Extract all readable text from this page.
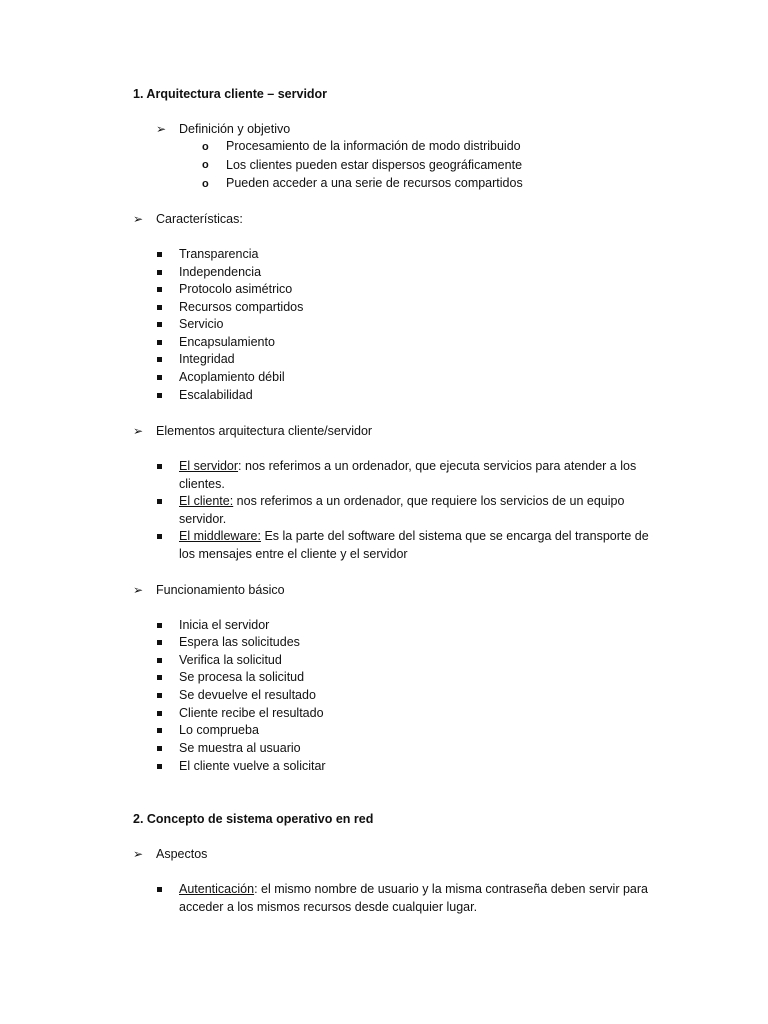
1. Arquitectura cliente – servidor
➢ Definición y objetivo
o Procesamiento de la información de modo distribuido
o Los clientes pueden estar dispersos geográficamente
o Pueden acceder a una serie de recursos compartidos
➢ Características:
Transparencia
Independencia
Protocolo asimétrico
Recursos compartidos
Servicio
Encapsulamiento
Integridad
Acoplamiento débil
Escalabilidad
➢ Elementos arquitectura cliente/servidor
El servidor: nos referimos a un ordenador, que ejecuta servicios para atender a los clientes.
El cliente: nos referimos a un ordenador, que requiere los servicios de un equipo servidor.
El middleware: Es la parte del software del sistema que se encarga del transporte de los mensajes entre el cliente y el servidor
➢ Funcionamiento básico
Inicia el servidor
Espera las solicitudes
Verifica la solicitud
Se procesa la solicitud
Se devuelve el resultado
Cliente recibe el resultado
Lo comprueba
Se muestra al usuario
El cliente vuelve a solicitar
2. Concepto de sistema operativo en red
➢ Aspectos
Autenticación: el mismo nombre de usuario y la misma contraseña deben servir para acceder a los mismos recursos desde cualquier lugar.
